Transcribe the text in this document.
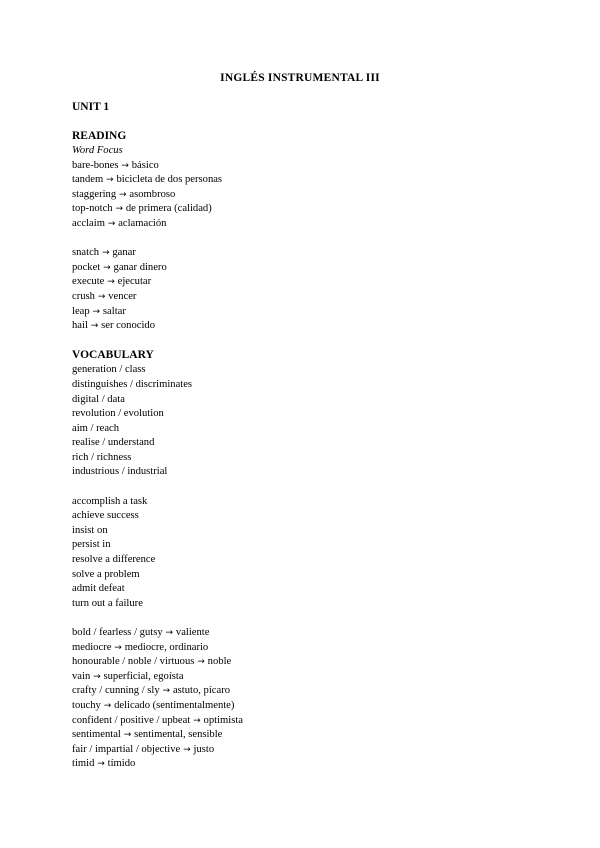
INGLÉS INSTRUMENTAL III
UNIT 1
READING
Word Focus
bare-bones → básico
tandem → bicicleta de dos personas
staggering → asombroso
top-notch → de primera (calidad)
acclaim → aclamación
snatch → ganar
pocket → ganar dinero
execute → ejecutar
crush → vencer
leap → saltar
hail → ser conocido
VOCABULARY
generation / class
distinguishes / discriminates
digital / data
revolution / evolution
aim / reach
realise / understand
rich / richness
industrious / industrial
accomplish a task
achieve success
insist on
persist in
resolve a difference
solve a problem
admit defeat
turn out a failure
bold / fearless / gutsy → valiente
mediocre → mediocre, ordinario
honourable / noble / virtuous → noble
vain → superficial, egoísta
crafty / cunning / sly → astuto, pícaro
touchy → delicado (sentimentalmente)
confident / positive / upbeat → optimista
sentimental → sentimental, sensible
fair / impartial / objective → justo
timid → tímido
